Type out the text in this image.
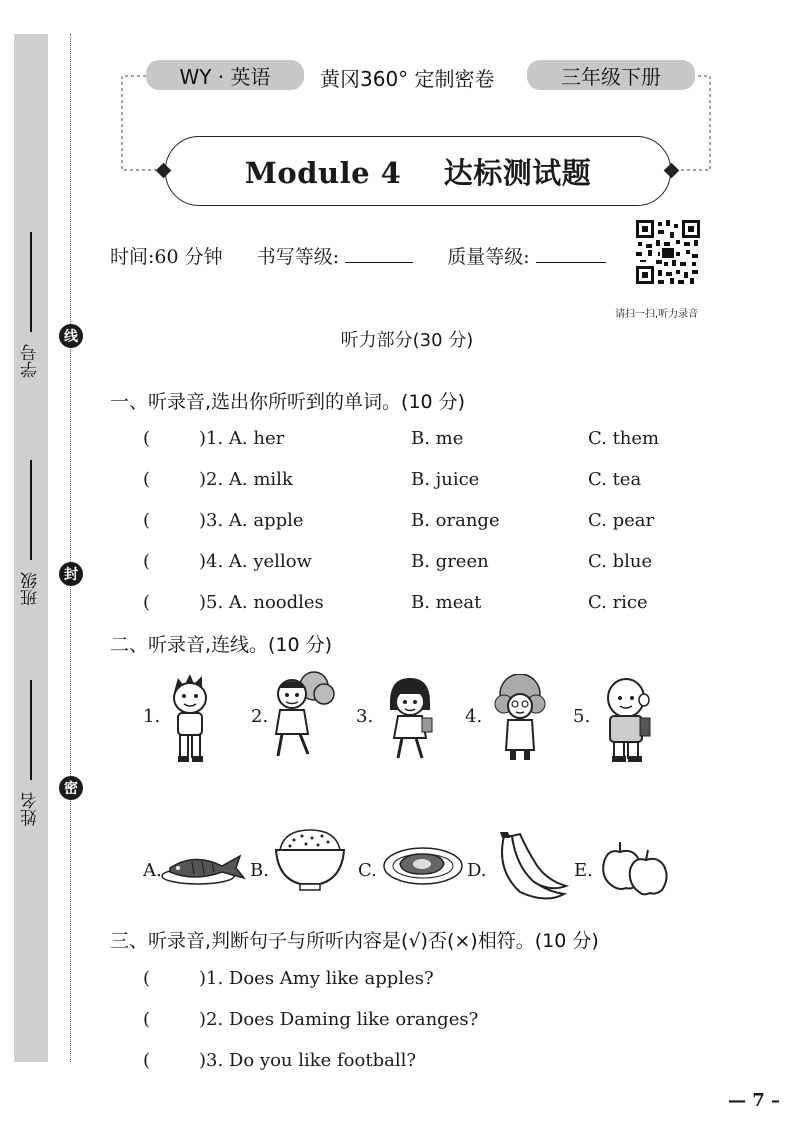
学号
班级
姓名
线
封
密
WY · 英语	黄冈360° 定制密卷	三年级下册
Module 4    达标测试题
时间:60 分钟 书写等级:	质量等级:
请扫一扫,听力录音
听力部分(30 分)
一、听录音,选出你所听到的单词。(10 分)
(	)1. A. her	B. me	C. them
(	)2. A. milk	B. juice	C. tea
(	)3. A. apple	B. orange	C. pear
(	)4. A. yellow	B. green	C. blue
(	)5. A. noodles	B. meat	C. rice
二、听录音,连线。(10 分)
1.	2.	3.	4.	5.
A.	B.	C.	D.	E.
三、听录音,判断句子与所听内容是(√)否(×)相符。(10 分)
(	)1. Does Amy like apples?
(	)2. Does Daming like oranges?
(	)3. Do you like football?
— 7 –
